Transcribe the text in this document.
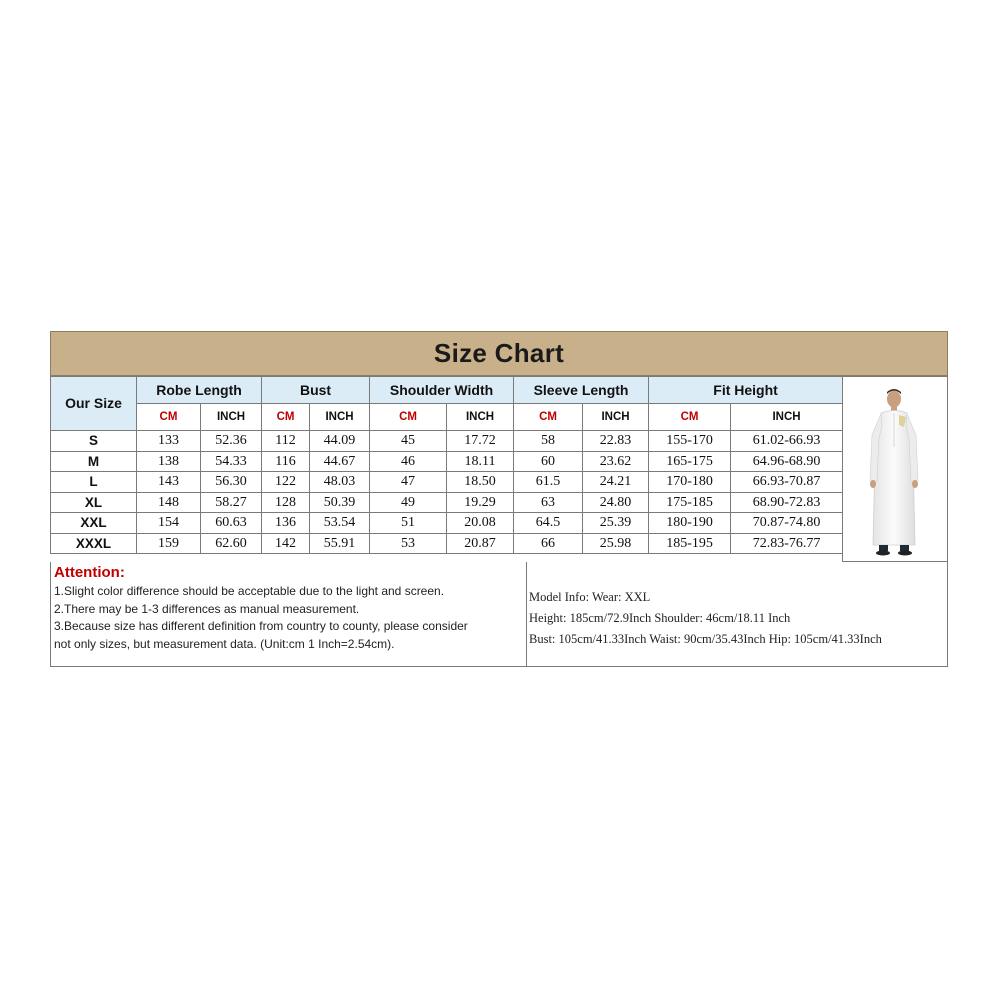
Size Chart
Our Size	Robe Length		Bust		Shoulder Width		Sleeve Length		Fit Height	
	CM	INCH	CM	INCH	CM	INCH	CM	INCH	CM	INCH
S	133	52.36	112	44.09	45	17.72	58	22.83	155-170	61.02-66.93
M	138	54.33	116	44.67	46	18.11	60	23.62	165-175	64.96-68.90
L	143	56.30	122	48.03	47	18.50	61.5	24.21	170-180	66.93-70.87
XL	148	58.27	128	50.39	49	19.29	63	24.80	175-185	68.90-72.83
XXL	154	60.63	136	53.54	51	20.08	64.5	25.39	180-190	70.87-74.80
XXXL	159	62.60	142	55.91	53	20.87	66	25.98	185-195	72.83-76.77
Attention:
1.Slight color difference should be acceptable due to the light and screen.
2.There may be 1-3 differences as manual measurement.
3.Because size has different definition from country to county, please consider
not only sizes, but measurement data. (Unit:cm 1 Inch=2.54cm).
Model Info: Wear: XXL
Height: 185cm/72.9Inch Shoulder: 46cm/18.11 Inch
Bust: 105cm/41.33Inch Waist: 90cm/35.43Inch Hip: 105cm/41.33Inch
